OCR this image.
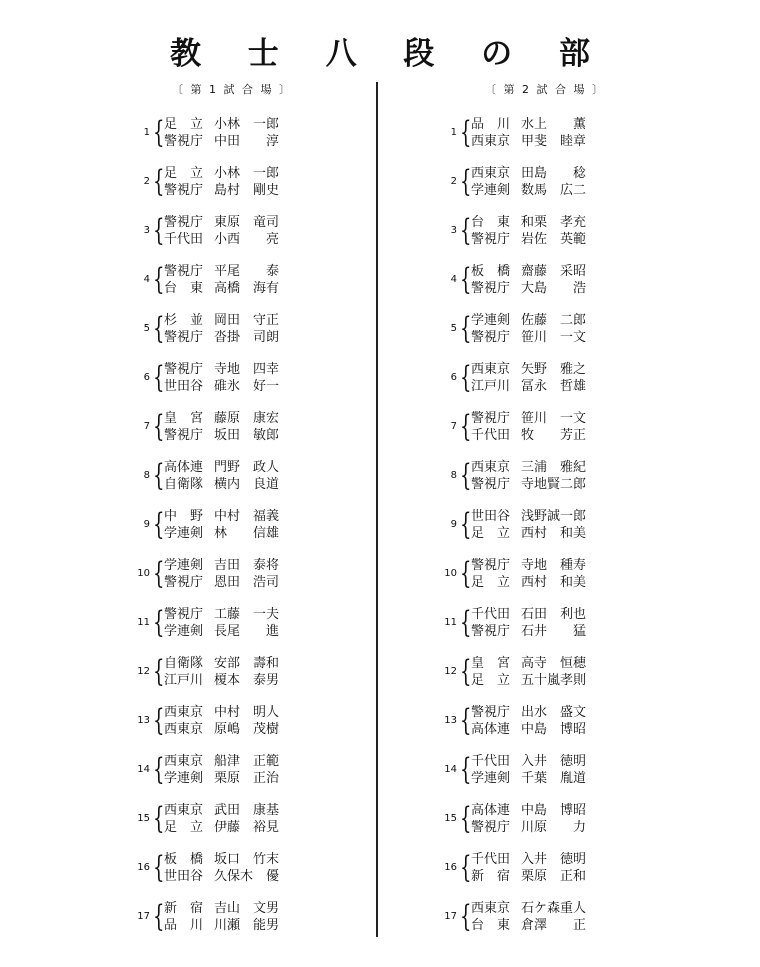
教 士 八 段 の 部
〔 第 1 試 合 場 〕
1 { 足　立 小林　一郎
警視庁 中田　　淳
2 { 足　立 小林　一郎
警視庁 島村　剛史
3 { 警視庁 東原　竜司
千代田 小西　　亮
4 { 警視庁 平尾　　泰
台　東 高橋　海有
5 { 杉　並 岡田　守正
警視庁 沓掛　司朗
6 { 警視庁 寺地　四幸
世田谷 碓氷　好一
7 { 皇　宮 藤原　康宏
警視庁 坂田　敏郎
8 { 高体連 門野　政人
自衛隊 横内　良道
9 { 中　野 中村　福義
学連剣 林　　信雄
10 { 学連剣 吉田　泰将
警視庁 恩田　浩司
11 { 警視庁 工藤　一夫
学連剣 長尾　　進
12 { 自衛隊 安部　壽和
江戸川 榎本　泰男
13 { 西東京 中村　明人
西東京 原嶋　茂樹
14 { 西東京 船津　正範
学連剣 栗原　正治
15 { 西東京 武田　康基
足　立 伊藤　裕見
16 { 板　橋 坂口　竹末
世田谷 久保木　優
17 { 新　宿 吉山　文男
品　川 川瀬　能男
〔 第 2 試 合 場 〕
1 { 品　川 水上　　薫
西東京 甲斐　睦章
2 { 西東京 田島　　稔
学連剣 数馬　広二
3 { 台　東 和栗　孝充
警視庁 岩佐　英範
4 { 板　橋 齋藤　采昭
警視庁 大島　　浩
5 { 学連剣 佐藤　二郎
警視庁 笹川　一文
6 { 西東京 矢野　雅之
江戸川 冨永　哲雄
7 { 警視庁 笹川　一文
千代田 牧　　芳正
8 { 西東京 三浦　雅紀
警視庁 寺地賢二郎
9 { 世田谷 浅野誠一郎
足　立 西村　和美
10 { 警視庁 寺地　種寿
足　立 西村　和美
11 { 千代田 石田　利也
警視庁 石井　　猛
12 { 皇　宮 高寺　恒穂
足　立 五十嵐孝則
13 { 警視庁 出水　盛文
高体連 中島　博昭
14 { 千代田 入井　徳明
学連剣 千葉　胤道
15 { 高体連 中島　博昭
警視庁 川原　　力
16 { 千代田 入井　徳明
新　宿 栗原　正和
17 { 西東京 石ケ森重人
台　東 倉澤　　正
